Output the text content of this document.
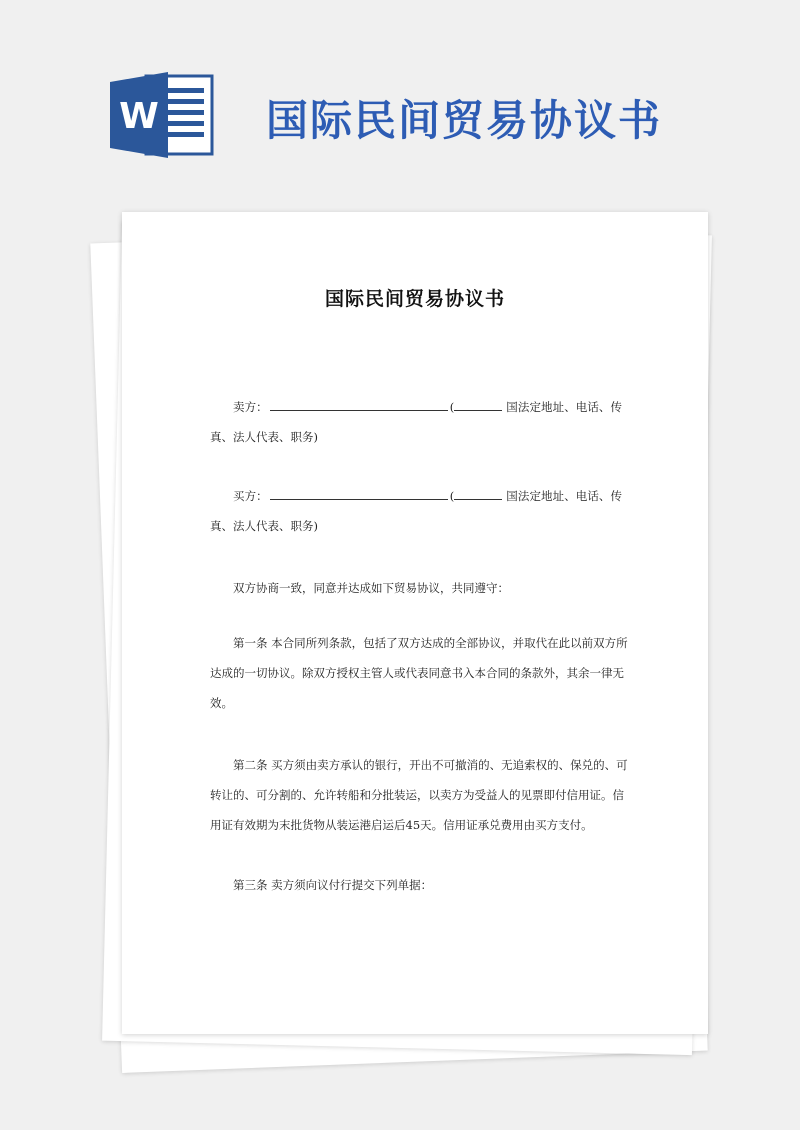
W	国际民间贸易协议书
国际民间贸易协议书
卖方：	(	国法定地址、电话、传
真、法人代表、职务)
买方：	(	国法定地址、电话、传
真、法人代表、职务)
双方协商一致，同意并达成如下贸易协议，共同遵守：
第一条 本合同所列条款，包括了双方达成的全部协议，并取代在此以前双方所
达成的一切协议。除双方授权主管人或代表同意书入本合同的条款外，其余一律无
效。
第二条 买方须由卖方承认的银行，开出不可撤消的、无追索权的、保兑的、可
转让的、可分割的、允许转船和分批装运，以卖方为受益人的见票即付信用证。信
用证有效期为末批货物从装运港启运后45天。信用证承兑费用由买方支付。
第三条 卖方须向议付行提交下列单据：
